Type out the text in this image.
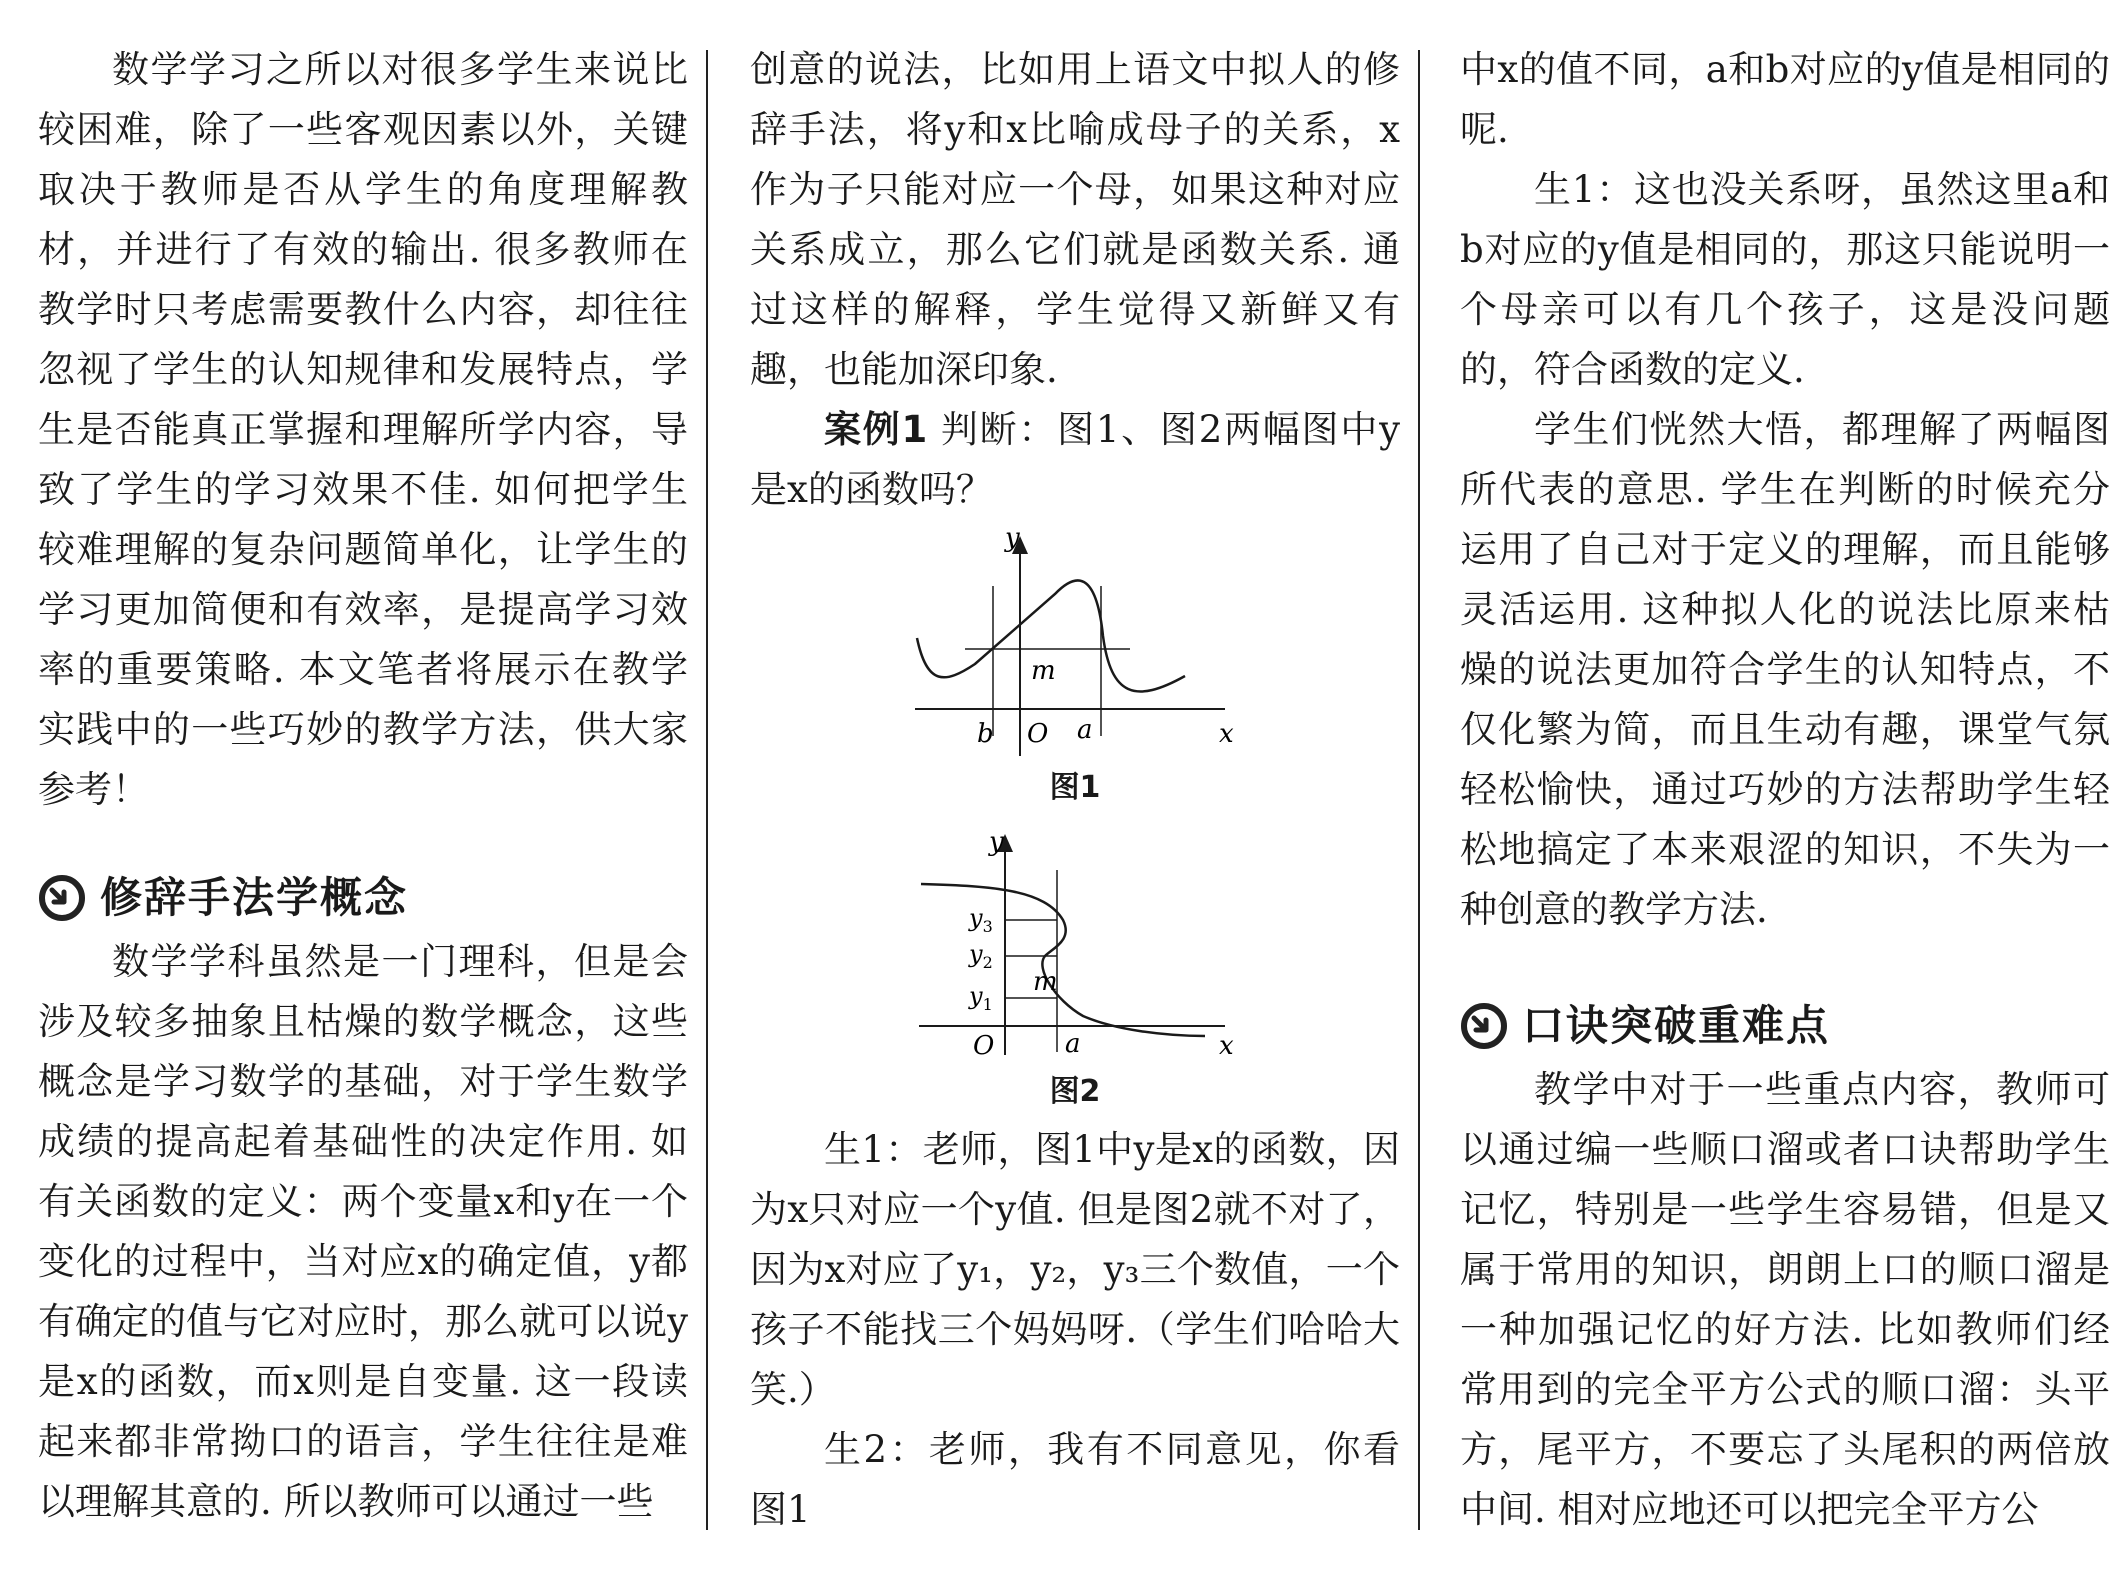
数学学习之所以对很多学生来说比较困难，除了一些客观因素以外，关键取决于教师是否从学生的角度理解教材，并进行了有效的输出. 很多教师在教学时只考虑需要教什么内容，却往往忽视了学生的认知规律和发展特点，学生是否能真正掌握和理解所学内容，导致了学生的学习效果不佳. 如何把学生较难理解的复杂问题简单化，让学生的学习更加简便和有效率，是提高学习效率的重要策略. 本文笔者将展示在教学实践中的一些巧妙的教学方法，供大家参考！

修辞手法学概念

数学学科虽然是一门理科，但是会涉及较多抽象且枯燥的数学概念，这些概念是学习数学的基础，对于学生数学成绩的提高起着基础性的决定作用. 如有关函数的定义：两个变量x和y在一个变化的过程中，当对应x的确定值，y都有确定的值与它对应时，那么就可以说y是x的函数，而x则是自变量. 这一段读起来都非常拗口的语言，学生往往是难以理解其意的. 所以教师可以通过一些

创意的说法，比如用上语文中拟人的修辞手法，将y和x比喻成母子的关系，x作为子只能对应一个母，如果这种对应关系成立，那么它们就是函数关系. 通过这样的解释，学生觉得又新鲜又有趣，也能加深印象.

案例1 判断：图1、图2两幅图中y是x的函数吗？

y
x
m
b O a
图1
y
x
$y_3$
$y_2$
$y_1$
m
O	a
图2

生1：老师，图1中y是x的函数，因为x只对应一个y值. 但是图2就不对了，因为x对应了y₁，y₂，y₃三个数值，一个孩子不能找三个妈妈呀.（学生们哈哈大笑.）

生2：老师，我有不同意见，你看图1

中x的值不同，a和b对应的y值是相同的呢.

生1：这也没关系呀，虽然这里a和b对应的y值是相同的，那这只能说明一个母亲可以有几个孩子，这是没问题的，符合函数的定义.

学生们恍然大悟，都理解了两幅图所代表的意思. 学生在判断的时候充分运用了自己对于定义的理解，而且能够灵活运用. 这种拟人化的说法比原来枯燥的说法更加符合学生的认知特点，不仅化繁为简，而且生动有趣，课堂气氛轻松愉快，通过巧妙的方法帮助学生轻松地搞定了本来艰涩的知识，不失为一种创意的教学方法.

口诀突破重难点

教学中对于一些重点内容，教师可以通过编一些顺口溜或者口诀帮助学生记忆，特别是一些学生容易错，但是又属于常用的知识，朗朗上口的顺口溜是一种加强记忆的好方法. 比如教师们经常用到的完全平方公式的顺口溜：头平方，尾平方，不要忘了头尾积的两倍放中间. 相对应地还可以把完全平方公
